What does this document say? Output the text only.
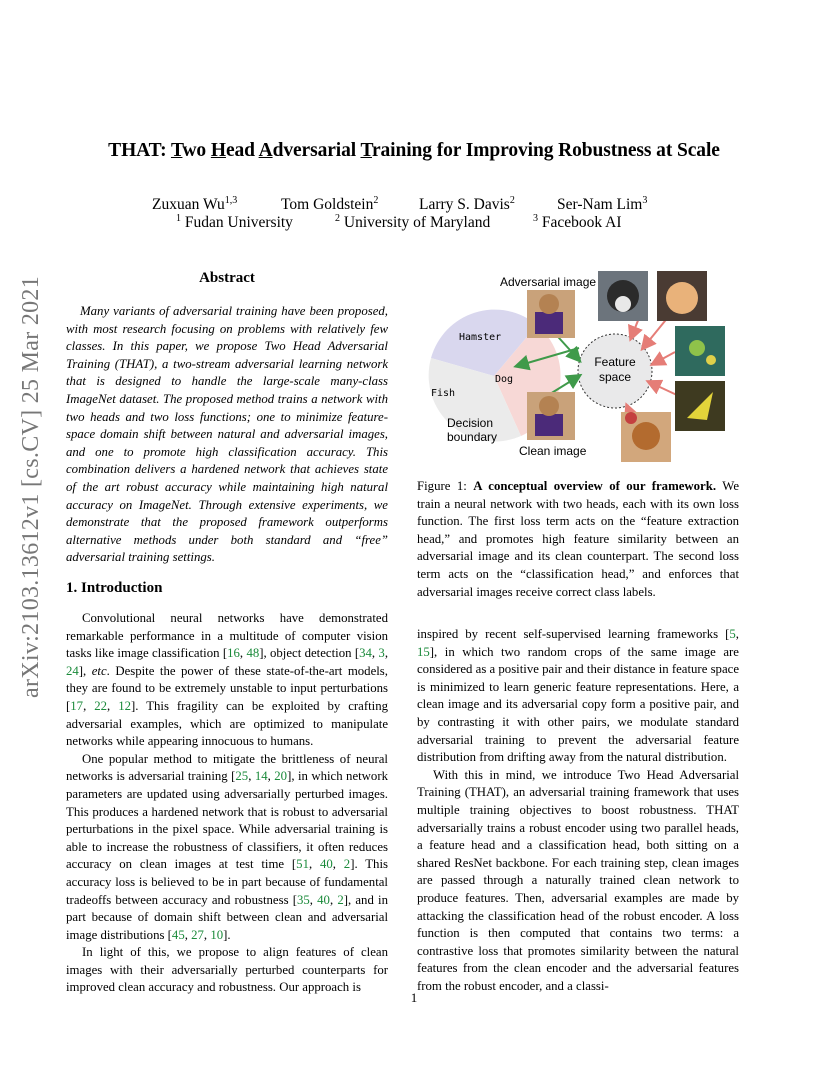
THAT: Two Head Adversarial Training for Improving Robustness at Scale
Zuxuan Wu$^{1,3}$	Tom Goldstein$^2$	Larry S. Davis$^2$	Ser-Nam Lim$^3$
$^1$ Fudan University	$^2$ University of Maryland	$^3$ Facebook AI
arXiv:2103.13612v1 [cs.CV] 25 Mar 2021	Abstract
Many variants of adversarial training have been proposed, with most research focusing on problems with relatively few classes. In this paper, we propose Two Head Adversarial Training (THAT), a two-stream adversarial learning network that is designed to handle the large-scale many-class ImageNet dataset. The proposed method trains a network with two heads and two loss functions; one to minimize feature-space domain shift between natural and adversarial images, and one to promote high classification accuracy. This combination delivers a hardened network that achieves state of the art robust accuracy while maintaining high natural accuracy on ImageNet. Through extensive experiments, we demonstrate that the proposed framework outperforms alternative methods under both standard and “free” adversarial training settings.
1. Introduction

Convolutional neural networks have demonstrated remarkable performance in a multitude of computer vision tasks like image classification [16, 48], object detection [34, 3, 24], etc. Despite the power of these state-of-the-art models, they are found to be extremely unstable to input perturbations [17, 22, 12]. This fragility can be exploited by crafting adversarial examples, which are optimized to manipulate networks while appearing innocuous to humans.

One popular method to mitigate the brittleness of neural networks is adversarial training [25, 14, 20], in which network parameters are updated using adversarially perturbed images. This produces a hardened network that is robust to adversarial perturbations in the pixel space. While adversarial training is able to increase the robustness of classifiers, it often reduces accuracy on clean images at test time [51, 40, 2]. This accuracy loss is believed to be in part because of fundamental tradeoffs between accuracy and robustness [35, 40, 2], and in part because of domain shift between clean and adversarial image distributions [45, 27, 10].

In light of this, we propose to align features of clean images with their adversarially perturbed counterparts for improved clean accuracy and robustness. Our approach is

Hamster
Dog
Fish
Adversarial image
Clean image
Decision
boundary
Feature
space
Figure 1: A conceptual overview of our framework. We train a neural network with two heads, each with its own loss function. The first loss term acts on the “feature extraction head,” and promotes high feature similarity between an adversarial image and its clean counterpart. The second loss term acts on the “classification head,” and enforces that adversarial images receive correct class labels.

inspired by recent self-supervised learning frameworks [5, 15], in which two random crops of the same image are considered as a positive pair and their distance in feature space is minimized to learn generic feature representations. Here, a clean image and its adversarial copy form a positive pair, and by contrasting it with other pairs, we modulate standard adversarial training to prevent the adversarial feature distribution from drifting away from the natural distribution.

With this in mind, we introduce Two Head Adversarial Training (THAT), an adversarial training framework that uses multiple training objectives to boost robustness. THAT adversarially trains a robust encoder using two parallel heads, a feature head and a classification head, both sitting on a shared ResNet backbone. For each training step, clean images are passed through a naturally trained clean network to produce features. Then, adversarial examples are made by attacking the classification head of the robust encoder. A loss function is then computed that contains two terms: a contrastive loss that promotes similarity between the natural features from the clean encoder and the adversarial features from the robust encoder, and a classi-

1
